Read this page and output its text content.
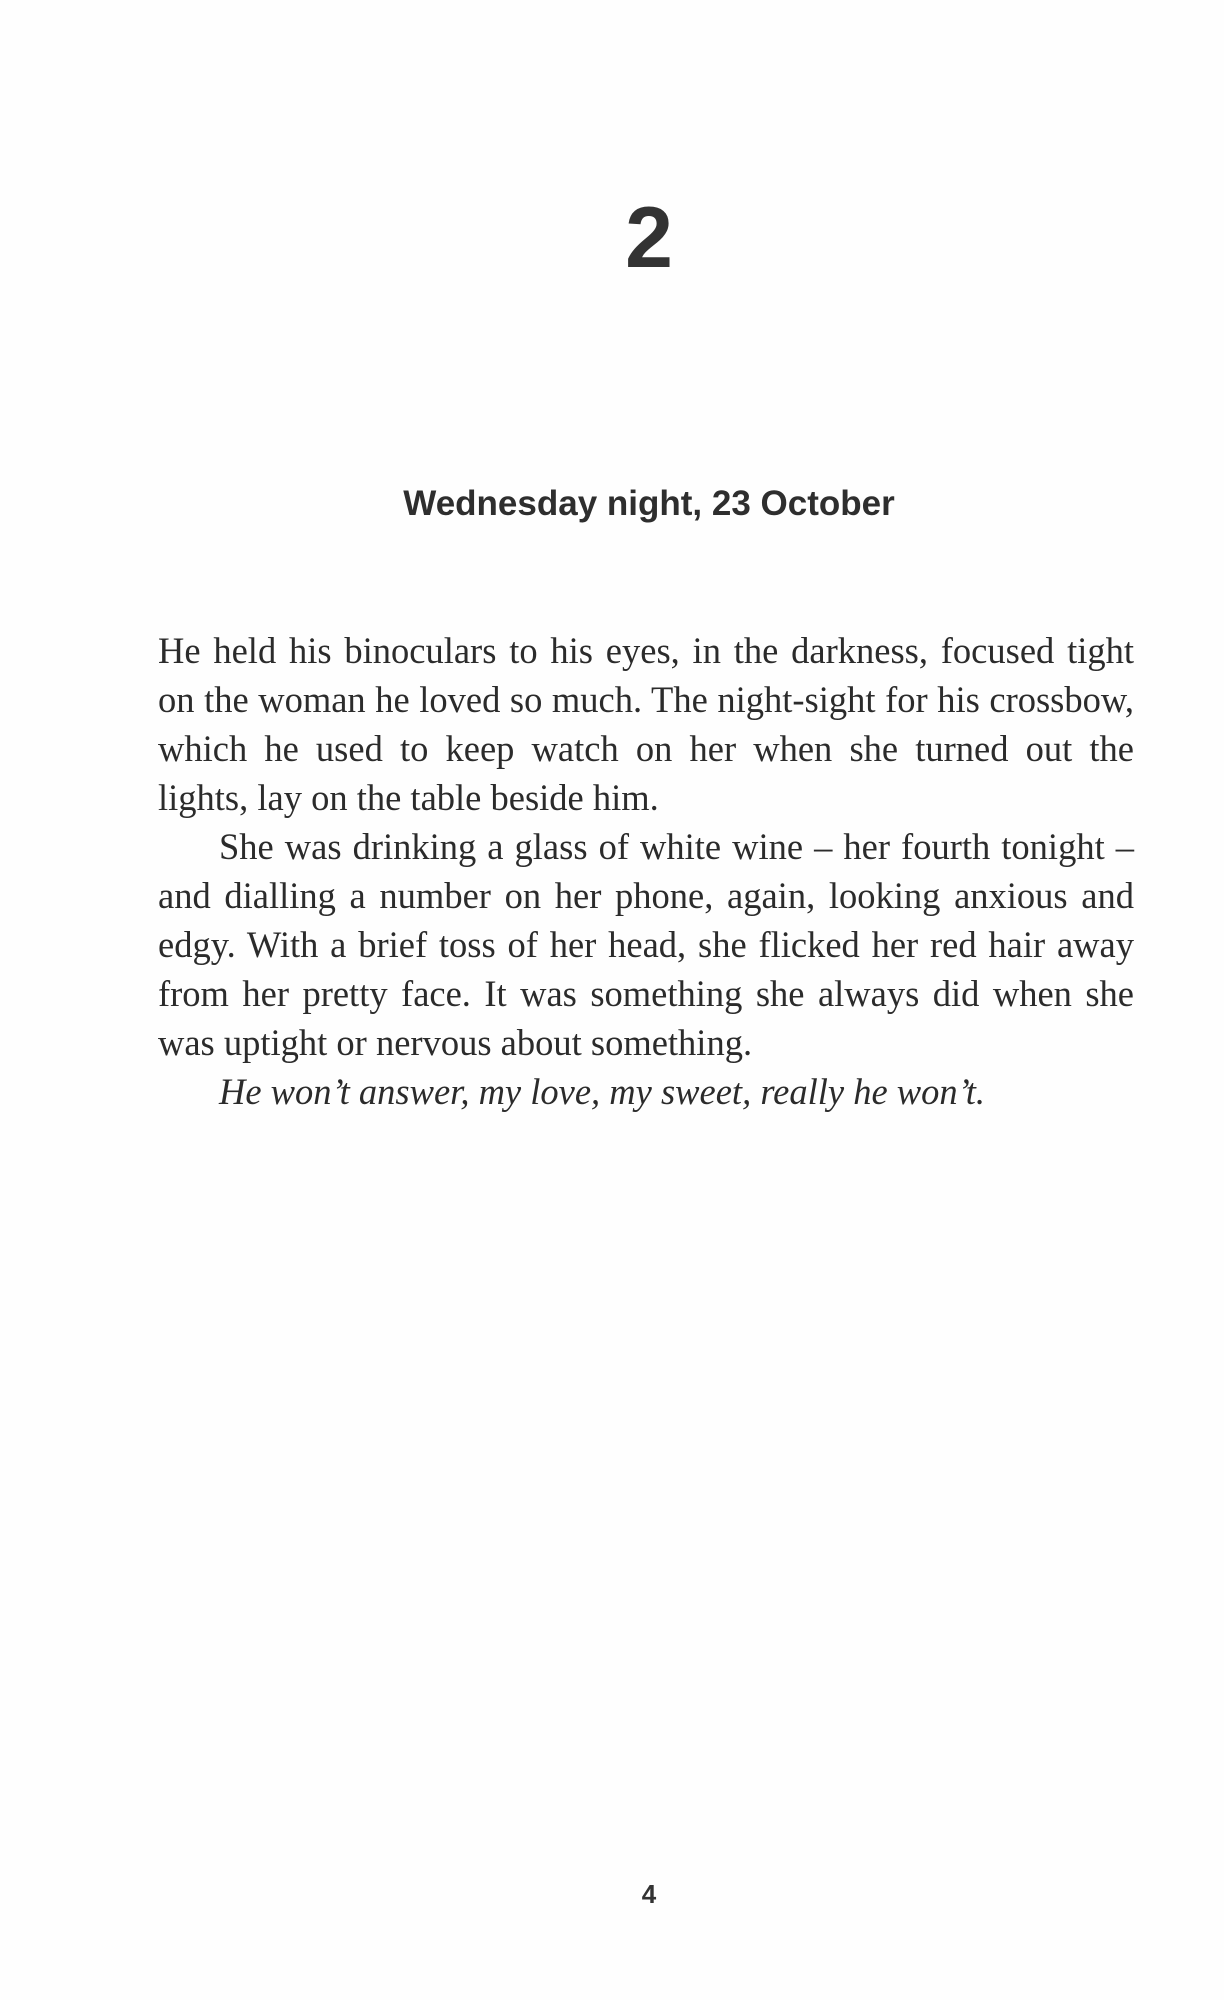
2
Wednesday night, 23 October

He held his binoculars to his eyes, in the darkness, focused tight on the woman he loved so much. The night-sight for his crossbow, which he used to keep watch on her when she turned out the lights, lay on the table beside him.

She was drinking a glass of white wine – her fourth tonight – and dialling a number on her phone, again, looking anxious and edgy. With a brief toss of her head, she flicked her red hair away from her pretty face. It was something she always did when she was uptight or nervous about something.

He won’t answer, my love, my sweet, really he won’t.

4
